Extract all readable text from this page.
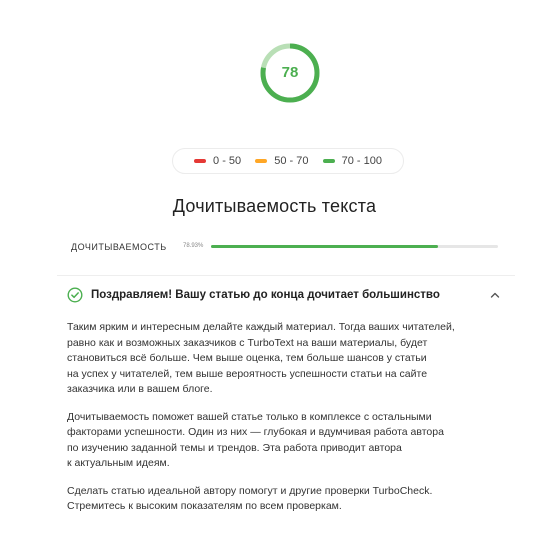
78
0 - 50	50 - 70	70 - 100
Дочитываемость текста
ДОЧИТЫВАЕМОСТЬ	78.93%
Поздравляем! Вашу статью до конца дочитает большинство

Таким ярким и интересным делайте каждый материал. Тогда ваших читателей,
равно как и возможных заказчиков с TurboText на ваши материалы, будет
становиться всё больше. Чем выше оценка, тем больше шансов у статьи
на успех у читателей, тем выше вероятность успешности статьи на сайте
заказчика или в вашем блоге.

Дочитываемость поможет вашей статье только в комплексе с остальными
факторами успешности. Один из них — глубокая и вдумчивая работа автора
по изучению заданной темы и трендов. Эта работа приводит автора
к актуальным идеям.

Сделать статью идеальной автору помогут и другие проверки TurboCheck.
Стремитесь к высоким показателям по всем проверкам.
